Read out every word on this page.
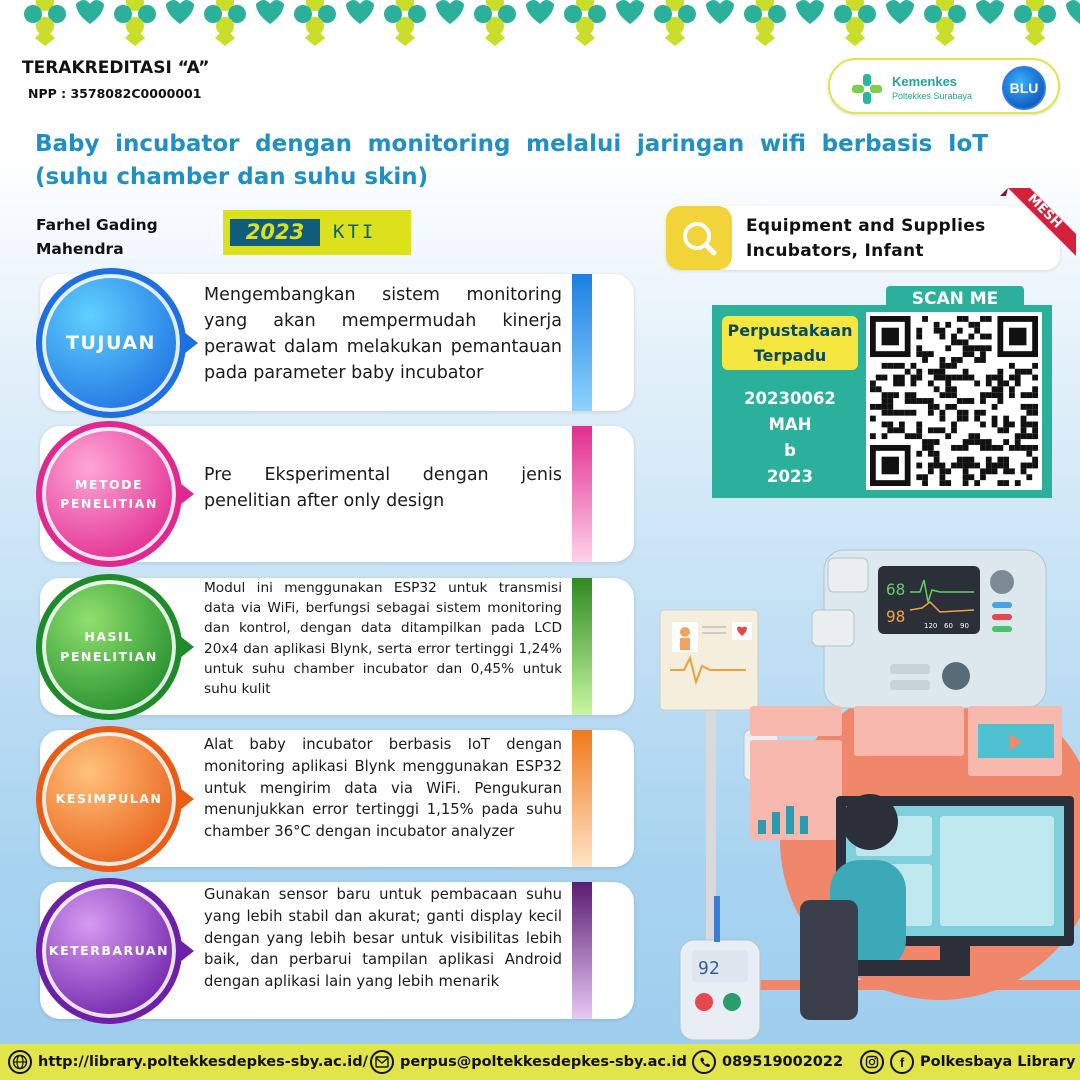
TERAKREDITASI “A”
NPP : 3578082C0000001
Kemenkes
Poltekkes Surabaya	BLU
Baby incubator dengan monitoring melalui jaringan wifi berbasis IoT (suhu chamber dan suhu skin)
Farhel Gading Mahendra
2023	KTI	Equipment and Supplies Incubators, Infant
MESH
SCAN ME
Perpustakaan Terpadu
20230062
MAH
b
2023
68
98	120 60 90
92
Mengembangkan sistem monitoring yang akan mempermudah kinerja perawat dalam melakukan pemantauan pada parameter baby incubator
Pre Eksperimental dengan jenis penelitian after only design
Modul ini menggunakan ESP32 untuk transmisi data via WiFi, berfungsi sebagai sistem monitoring dan kontrol, dengan data ditampilkan pada LCD 20x4 dan aplikasi Blynk, serta error tertinggi 1,24% untuk suhu chamber incubator dan 0,45% untuk suhu kulit
Alat baby incubator berbasis IoT dengan monitoring aplikasi Blynk menggunakan ESP32 untuk mengirim data via WiFi. Pengukuran menunjukkan error tertinggi 1,15% pada suhu chamber 36°C dengan incubator analyzer
Gunakan sensor baru untuk pembacaan suhu yang lebih stabil dan akurat; ganti display kecil dengan yang lebih besar untuk visibilitas lebih baik, dan perbarui tampilan aplikasi Android dengan aplikasi lain yang lebih menarik
http://library.poltekkesdepkes-sby.ac.id/ perpus@poltekkesdepkes-sby.ac.id 089519002022	f	Polkesbaya Library
TUJUAN
METODE PENELITIAN
HASIL PENELITIAN
KESIMPULAN
KETERBARUAN
